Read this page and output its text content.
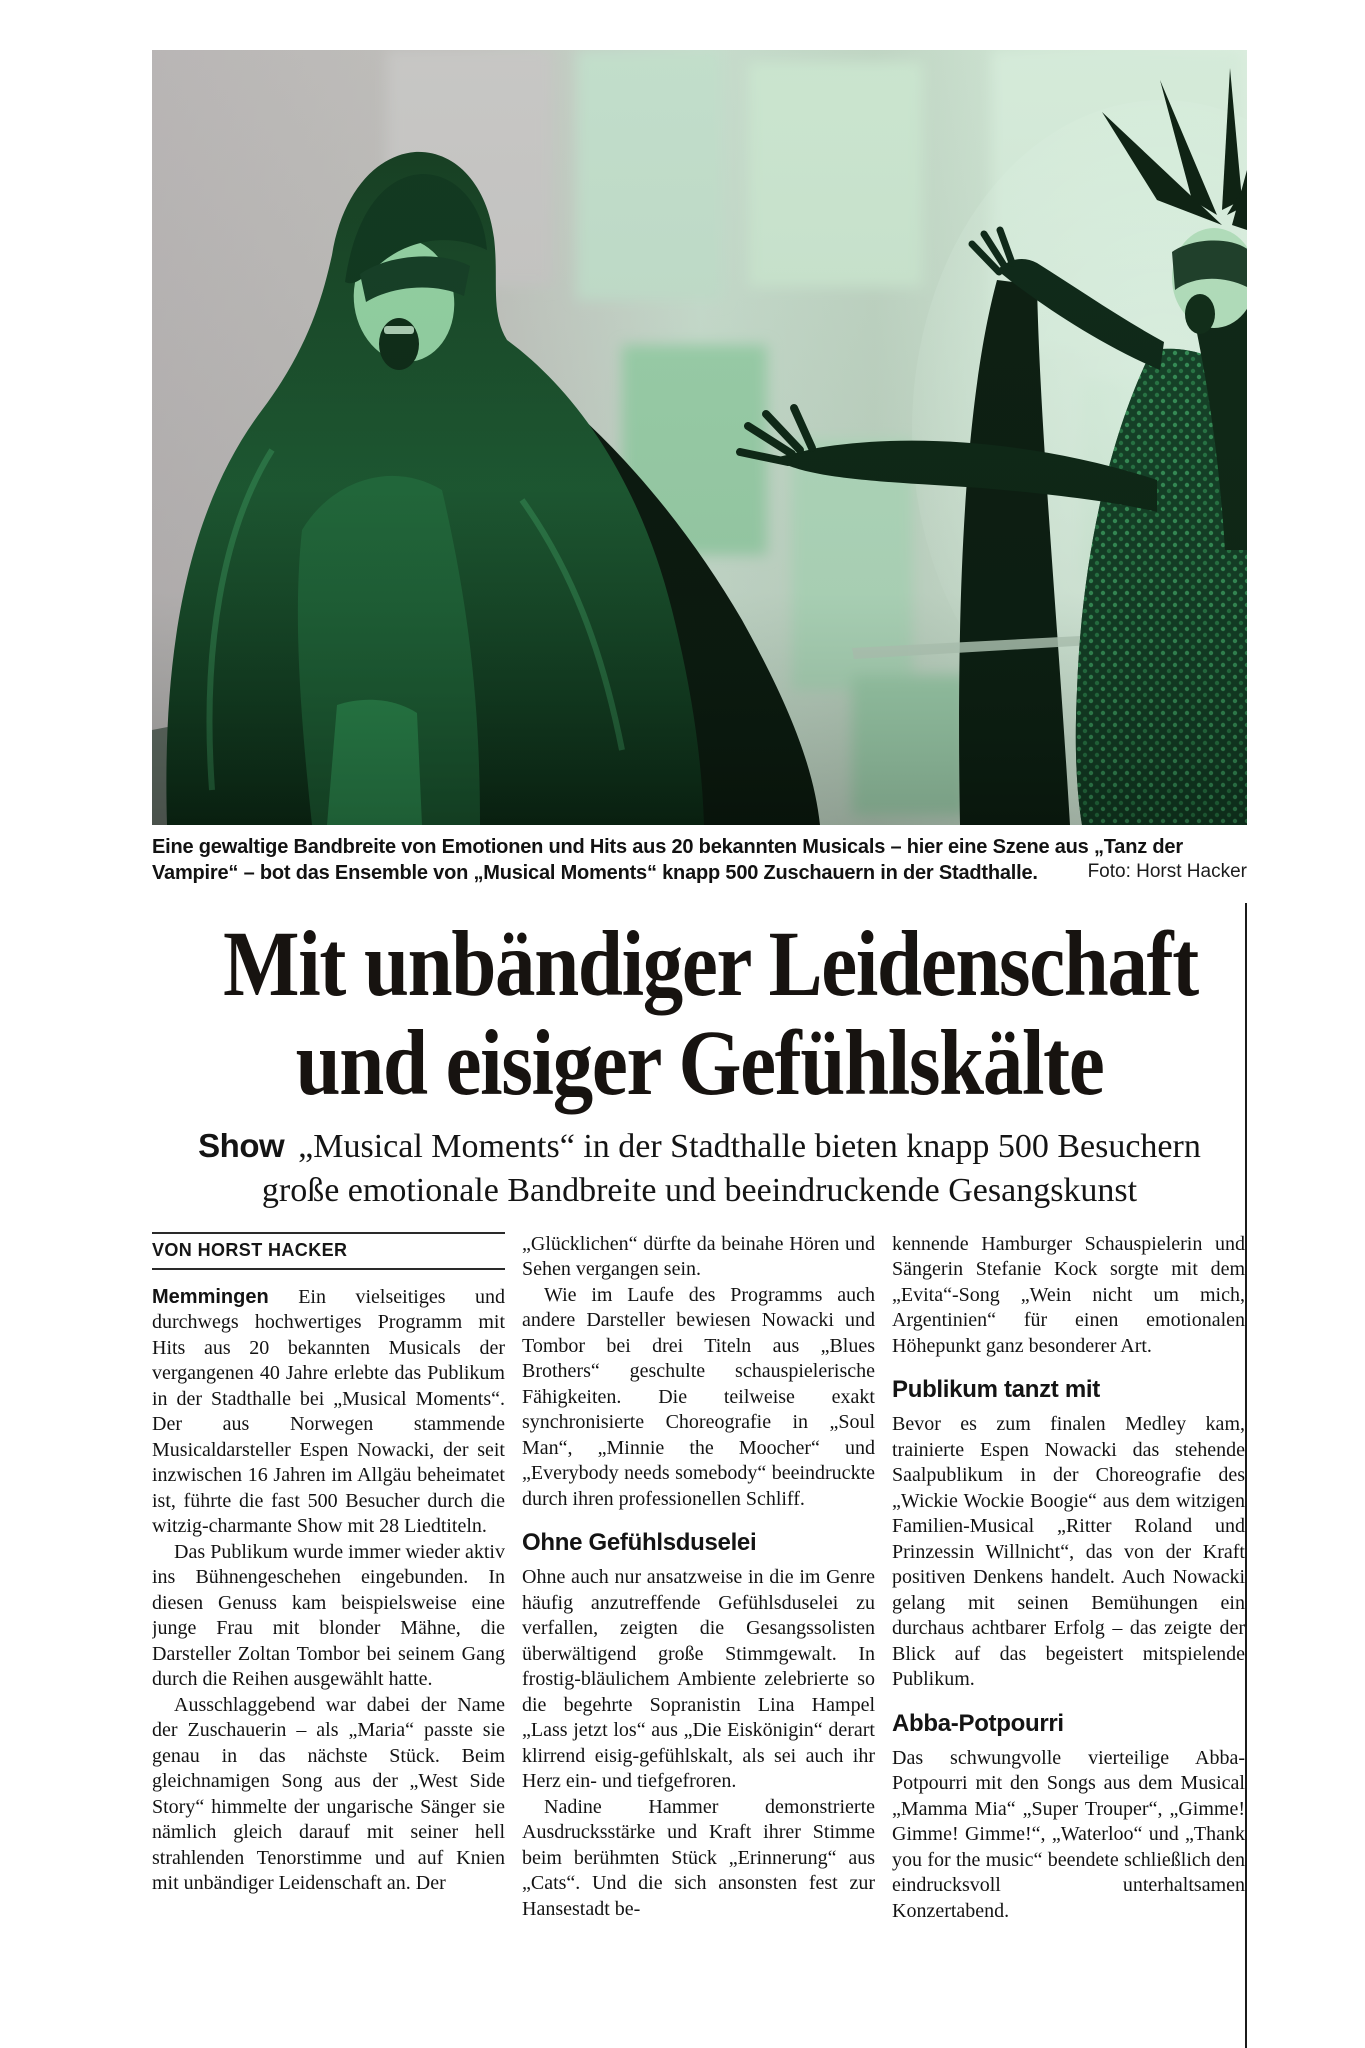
Eine gewaltige Bandbreite von Emotionen und Hits aus 20 bekannten Musicals – hier eine Szene aus „Tanz der Vampire“ – bot das Ensemble von „Musical Moments“ knapp 500 Zuschauern in der Stadthalle.	Foto: Horst Hacker
Mit unbändiger Leidenschaft
und eisiger Gefühlskälte

Show „Musical Moments“ in der Stadthalle bieten knapp 500 Besuchern
große emotionale Bandbreite und beeindruckende Gesangskunst

VON HORST HACKER

Memmingen Ein vielseitiges und durchwegs hochwertiges Programm mit Hits aus 20 bekannten Musicals der vergangenen 40 Jahre erlebte das Publikum in der Stadthalle bei „Musical Moments“. Der aus Norwegen stammende Musicaldarsteller Espen Nowacki, der seit inzwischen 16 Jahren im Allgäu beheimatet ist, führte die fast 500 Besucher durch die witzig-charmante Show mit 28 Liedtiteln.

Das Publikum wurde immer wieder aktiv ins Bühnengeschehen eingebunden. In diesen Genuss kam beispielsweise eine junge Frau mit blonder Mähne, die Darsteller Zoltan Tombor bei seinem Gang durch die Reihen ausgewählt hatte.

Ausschlaggebend war dabei der Name der Zuschauerin – als „Maria“ passte sie genau in das nächste Stück. Beim gleichnamigen Song aus der „West Side Story“ himmelte der ungarische Sänger sie nämlich gleich darauf mit seiner hell strahlenden Tenorstimme und auf Knien mit unbändiger Leidenschaft an. Der

„Glücklichen“ dürfte da beinahe Hören und Sehen vergangen sein.

Wie im Laufe des Programms auch andere Darsteller bewiesen Nowacki und Tombor bei drei Titeln aus „Blues Brothers“ geschulte schauspielerische Fähigkeiten. Die teilweise exakt synchronisierte Choreografie in „Soul Man“, „Minnie the Moocher“ und „Everybody needs somebody“ beeindruckte durch ihren professionellen Schliff.

Ohne Gefühlsduselei

Ohne auch nur ansatzweise in die im Genre häufig anzutreffende Gefühlsduselei zu verfallen, zeigten die Gesangssolisten überwältigend große Stimmgewalt. In frostig-bläulichem Ambiente zelebrierte so die begehrte Sopranistin Lina Hampel „Lass jetzt los“ aus „Die Eiskönigin“ derart klirrend eisig-gefühlskalt, als sei auch ihr Herz ein- und tiefgefroren.

Nadine Hammer demonstrierte Ausdrucksstärke und Kraft ihrer Stimme beim berühmten Stück „Erinnerung“ aus „Cats“. Und die sich ansonsten fest zur Hansestadt be-

kennende Hamburger Schauspielerin und Sängerin Stefanie Kock sorgte mit dem „Evita“-Song „Wein nicht um mich, Argentinien“ für einen emotionalen Höhepunkt ganz besonderer Art.

Publikum tanzt mit

Bevor es zum finalen Medley kam, trainierte Espen Nowacki das stehende Saalpublikum in der Choreografie des „Wickie Wockie Boogie“ aus dem witzigen Familien-Musical „Ritter Roland und Prinzessin Willnicht“, das von der Kraft positiven Denkens handelt. Auch Nowacki gelang mit seinen Bemühungen ein durchaus achtbarer Erfolg – das zeigte der Blick auf das begeistert mitspielende Publikum.

Abba-Potpourri

Das schwungvolle vierteilige Abba-Potpourri mit den Songs aus dem Musical „Mamma Mia“ „Super Trouper“, „Gimme! Gimme! Gimme!“, „Waterloo“ und „Thank you for the music“ beendete schließlich den eindrucksvoll unterhaltsamen Konzertabend.
